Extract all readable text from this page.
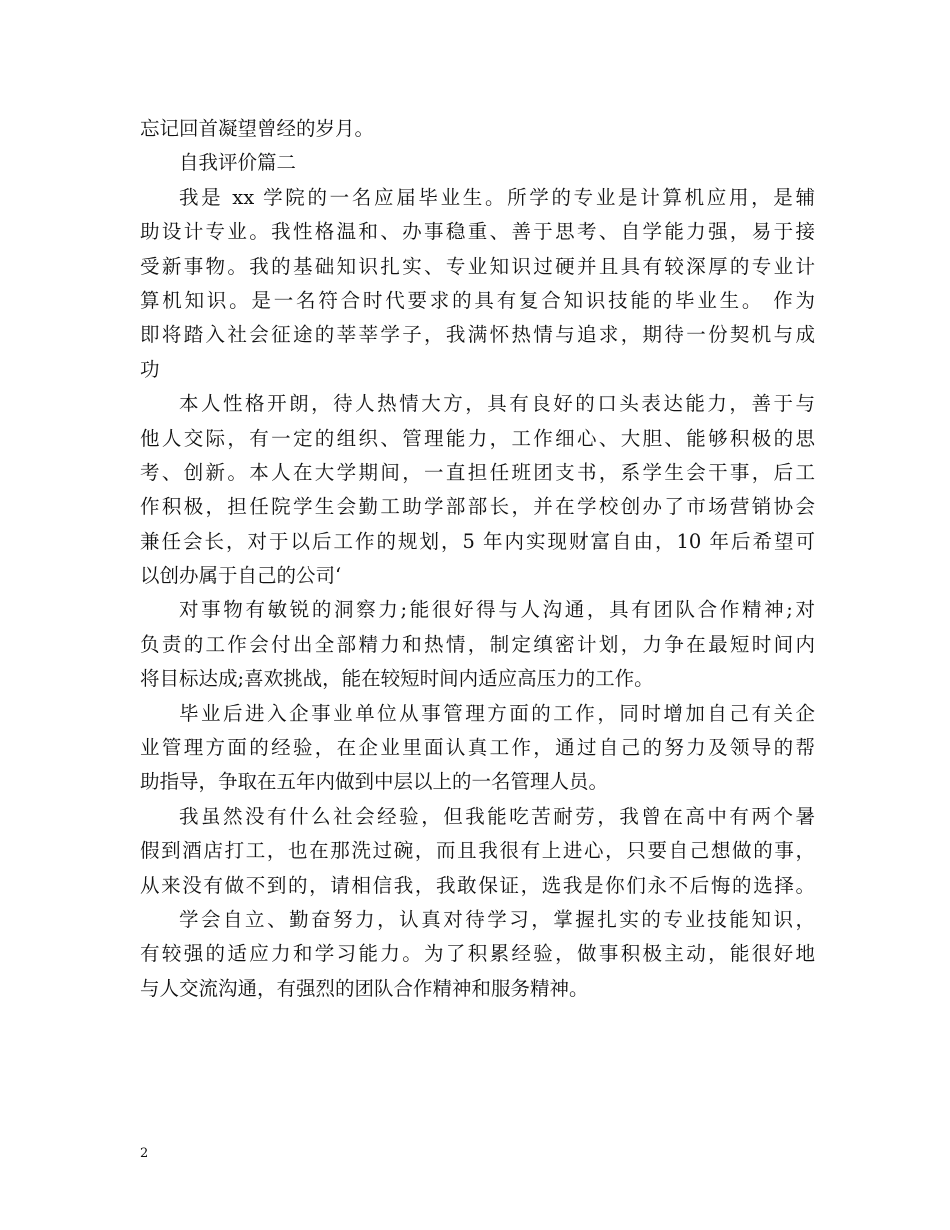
忘记回首凝望曾经的岁月。
自我评价篇二
我是 xx 学院的一名应届毕业生。所学的专业是计算机应用，是辅
助设计专业。我性格温和、办事稳重、善于思考、自学能力强，易于接
受新事物。我的基础知识扎实、专业知识过硬并且具有较深厚的专业计
算机知识。是一名符合时代要求的具有复合知识技能的毕业生。 作为
即将踏入社会征途的莘莘学子，我满怀热情与追求，期待一份契机与成
功
本人性格开朗，待人热情大方，具有良好的口头表达能力，善于与
他人交际，有一定的组织、管理能力，工作细心、大胆、能够积极的思
考、创新。本人在大学期间，一直担任班团支书，系学生会干事，后工
作积极，担任院学生会勤工助学部部长，并在学校创办了市场营销协会
兼任会长，对于以后工作的规划，5 年内实现财富自由，10 年后希望可
以创办属于自己的公司‘
对事物有敏锐的洞察力;能很好得与人沟通，具有团队合作精神;对
负责的工作会付出全部精力和热情，制定缜密计划，力争在最短时间内
将目标达成;喜欢挑战，能在较短时间内适应高压力的工作。
毕业后进入企事业单位从事管理方面的工作，同时增加自己有关企
业管理方面的经验，在企业里面认真工作，通过自己的努力及领导的帮
助指导，争取在五年内做到中层以上的一名管理人员。
我虽然没有什么社会经验，但我能吃苦耐劳，我曾在高中有两个暑
假到酒店打工，也在那洗过碗，而且我很有上进心，只要自己想做的事，
从来没有做不到的，请相信我，我敢保证，选我是你们永不后悔的选择。
学会自立、勤奋努力，认真对待学习，掌握扎实的专业技能知识，
有较强的适应力和学习能力。为了积累经验，做事积极主动，能很好地
与人交流沟通，有强烈的团队合作精神和服务精神。
2
